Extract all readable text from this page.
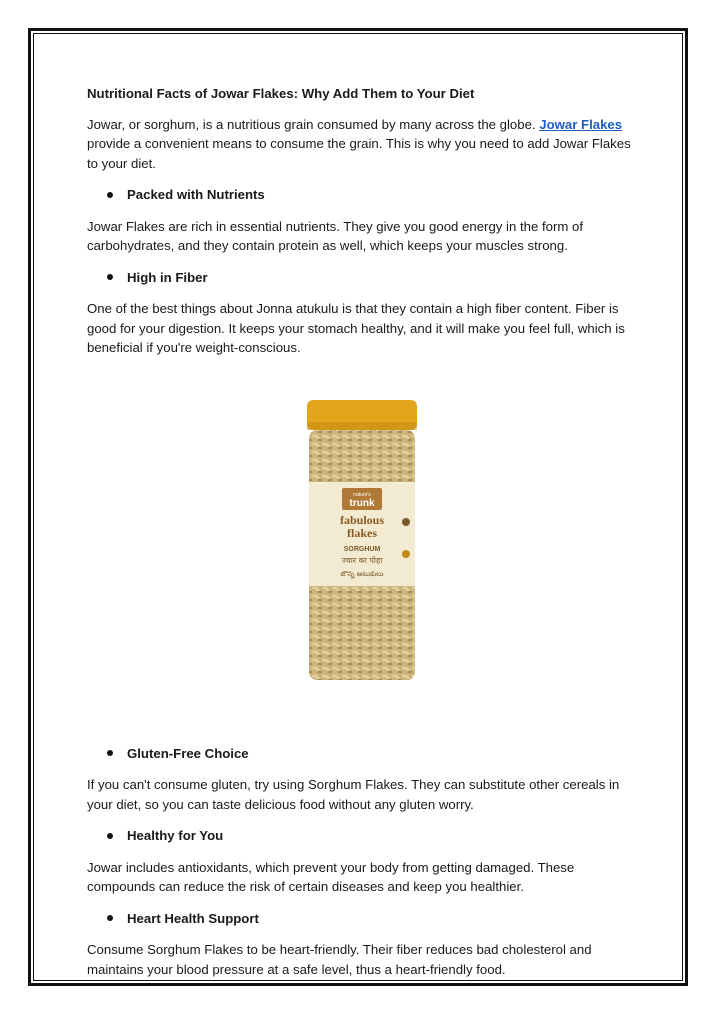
Nutritional Facts of Jowar Flakes: Why Add Them to Your Diet

Jowar, or sorghum, is a nutritious grain consumed by many across the globe. Jowar Flakes provide a convenient means to consume the grain. This is why you need to add Jowar Flakes to your diet.

Packed with Nutrients

Jowar Flakes are rich in essential nutrients. They give you good energy in the form of carbohydrates, and they contain protein as well, which keeps your muscles strong.

High in Fiber

One of the best things about Jonna atukulu is that they contain a high fiber content. Fiber is good for your digestion. It keeps your stomach healthy, and it will make you feel full, which is beneficial if you're weight-conscious.

nature's
trunk
fabulous
flakes
SORGHUM
ज्वार का पोहा
జొన్న అటుకులు
Gluten-Free Choice

If you can't consume gluten, try using Sorghum Flakes. They can substitute other cereals in your diet, so you can taste delicious food without any gluten worry.

Healthy for You

Jowar includes antioxidants, which prevent your body from getting damaged. These compounds can reduce the risk of certain diseases and keep you healthier.

Heart Health Support

Consume Sorghum Flakes to be heart-friendly. Their fiber reduces bad cholesterol and maintains your blood pressure at a safe level, thus a heart-friendly food.
